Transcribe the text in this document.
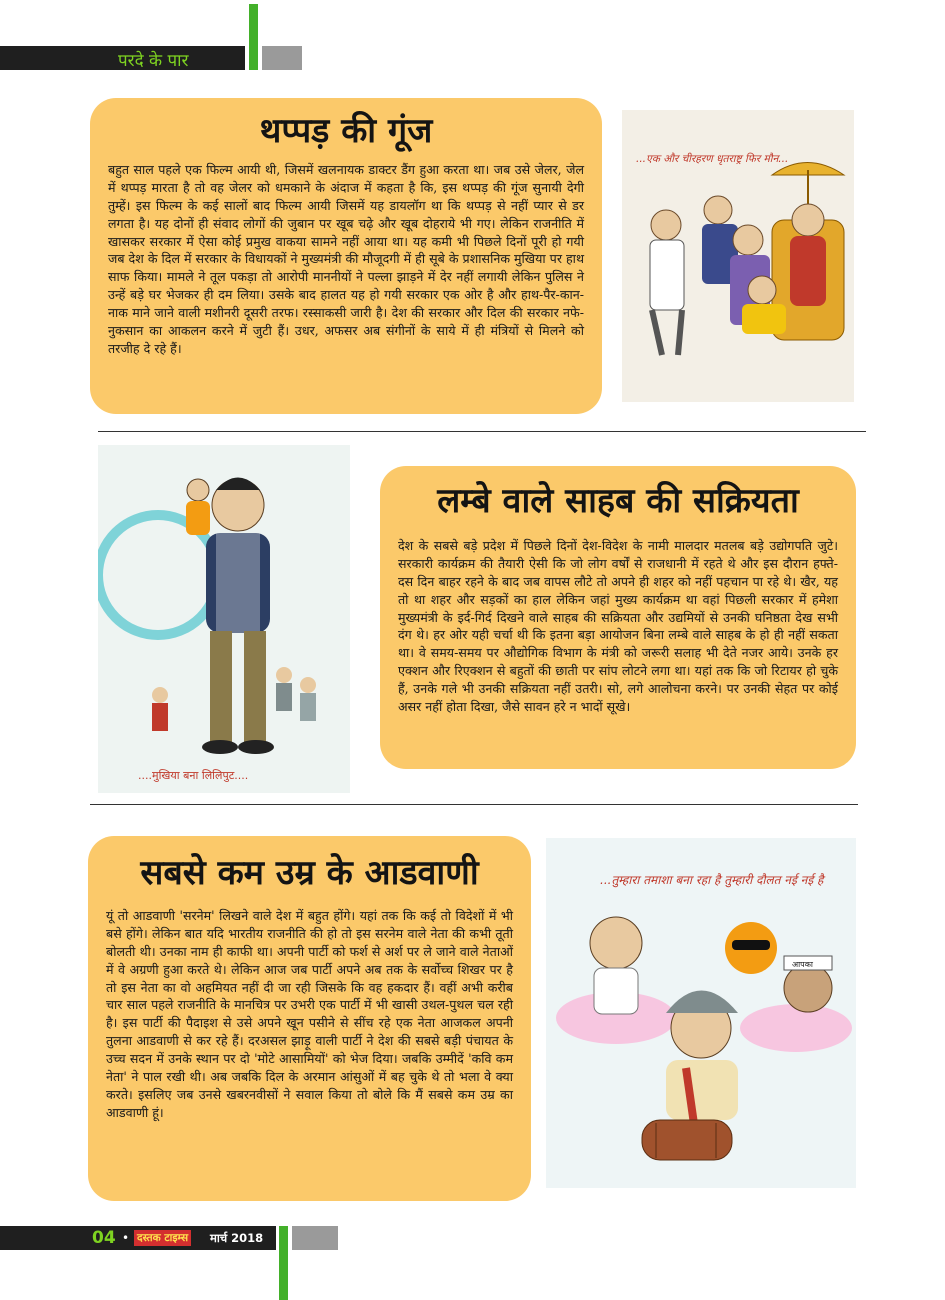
परदे के पार
थप्पड़ की गूंज

बहुत साल पहले एक फिल्म आयी थी, जिसमें खलनायक डाक्टर डैंग हुआ करता था। जब उसे जेलर, जेल में थप्पड़ मारता है तो वह जेलर को धमकाने के अंदाज में कहता है कि, इस थप्पड़ की गूंज सुनायी देगी तुम्हें। इस फिल्म के कई सालों बाद फिल्म आयी जिसमें यह डायलॉग था कि थप्पड़ से नहीं प्यार से डर लगता है। यह दोनों ही संवाद लोगों की जुबान पर खूब चढ़े और खूब दोहराये भी गए। लेकिन राजनीति में खासकर सरकार में ऐसा कोई प्रमुख वाकया सामने नहीं आया था। यह कमी भी पिछले दिनों पूरी हो गयी जब देश के दिल में सरकार के विधायकों ने मुख्यमंत्री की मौजूदगी में ही सूबे के प्रशासनिक मुखिया पर हाथ साफ किया। मामले ने तूल पकड़ा तो आरोपी माननीयों ने पल्ला झाड़ने में देर नहीं लगायी लेकिन पुलिस ने उन्हें बड़े घर भेजकर ही दम लिया। उसके बाद हालत यह हो गयी सरकार एक ओर है और हाथ-पैर-कान-नाक माने जाने वाली मशीनरी दूसरी तरफ। रस्साकसी जारी है। देश की सरकार और दिल की सरकार नफे-नुकसान का आकलन करने में जुटी हैं। उधर, अफसर अब संगीनों के साये में ही मंत्रियों से मिलने को तरजीह दे रहे हैं।

...एक और चीरहरण धृतराष्ट्र फिर मौन...
....मुखिया बना लिलिपुट....
लम्बे वाले साहब की सक्रियता

देश के सबसे बड़े प्रदेश में पिछले दिनों देश-विदेश के नामी मालदार मतलब बड़े उद्योगपति जुटे। सरकारी कार्यक्रम की तैयारी ऐसी कि जो लोग वर्षों से राजधानी में रहते थे और इस दौरान हफ्ते-दस दिन बाहर रहने के बाद जब वापस लौटे तो अपने ही शहर को नहीं पहचान पा रहे थे। खैर, यह तो था शहर और सड़कों का हाल लेकिन जहां मुख्य कार्यक्रम था वहां पिछली सरकार में हमेशा मुख्यमंत्री के इर्द-गिर्द दिखने वाले साहब की सक्रियता और उद्यमियों से उनकी घनिष्ठता देख सभी दंग थे। हर ओर यही चर्चा थी कि इतना बड़ा आयोजन बिना लम्बे वाले साहब के हो ही नहीं सकता था। वे समय-समय पर औद्योगिक विभाग के मंत्री को जरूरी सलाह भी देते नजर आये। उनके हर एक्शन और रिएक्शन से बहुतों की छाती पर सांप लोटने लगा था। यहां तक कि जो रिटायर हो चुके हैं, उनके गले भी उनकी सक्रियता नहीं उतरी। सो, लगे आलोचना करने। पर उनकी सेहत पर कोई असर नहीं होता दिखा, जैसे सावन हरे न भादों सूखे।

सबसे कम उम्र के आडवाणी

यूं तो आडवाणी 'सरनेम' लिखने वाले देश में बहुत होंगे। यहां तक कि कई तो विदेशों में भी बसे होंगे। लेकिन बात यदि भारतीय राजनीति की हो तो इस सरनेम वाले नेता की कभी तूती बोलती थी। उनका नाम ही काफी था। अपनी पार्टी को फर्श से अर्श पर ले जाने वाले नेताओं में वे अग्रणी हुआ करते थे। लेकिन आज जब पार्टी अपने अब तक के सर्वोच्च शिखर पर है तो इस नेता का वो अहमियत नहीं दी जा रही जिसके कि वह हकदार हैं। वहीं अभी करीब चार साल पहले राजनीति के मानचित्र पर उभरी एक पार्टी में भी खासी उथल-पुथल चल रही है। इस पार्टी की पैदाइश से उसे अपने खून पसीने से सींच रहे एक नेता आजकल अपनी तुलना आडवाणी से कर रहे हैं। दरअसल झाड़ू वाली पार्टी ने देश की सबसे बड़ी पंचायत के उच्च सदन में उनके स्थान पर दो 'मोटे आसामियों' को भेज दिया। जबकि उम्मीदें 'कवि कम नेता' ने पाल रखी थी। अब जबकि दिल के अरमान आंसुओं में बह चुके थे तो भला वे क्या करते। इसलिए जब उनसे खबरनवीसों ने सवाल किया तो बोले कि मैं सबसे कम उम्र का आडवाणी हूं।

...तुम्हारा तमाशा बना रहा है तुम्हारी दौलत नई नई है
आपका
04 • दस्तक टाइम्स मार्च 2018
